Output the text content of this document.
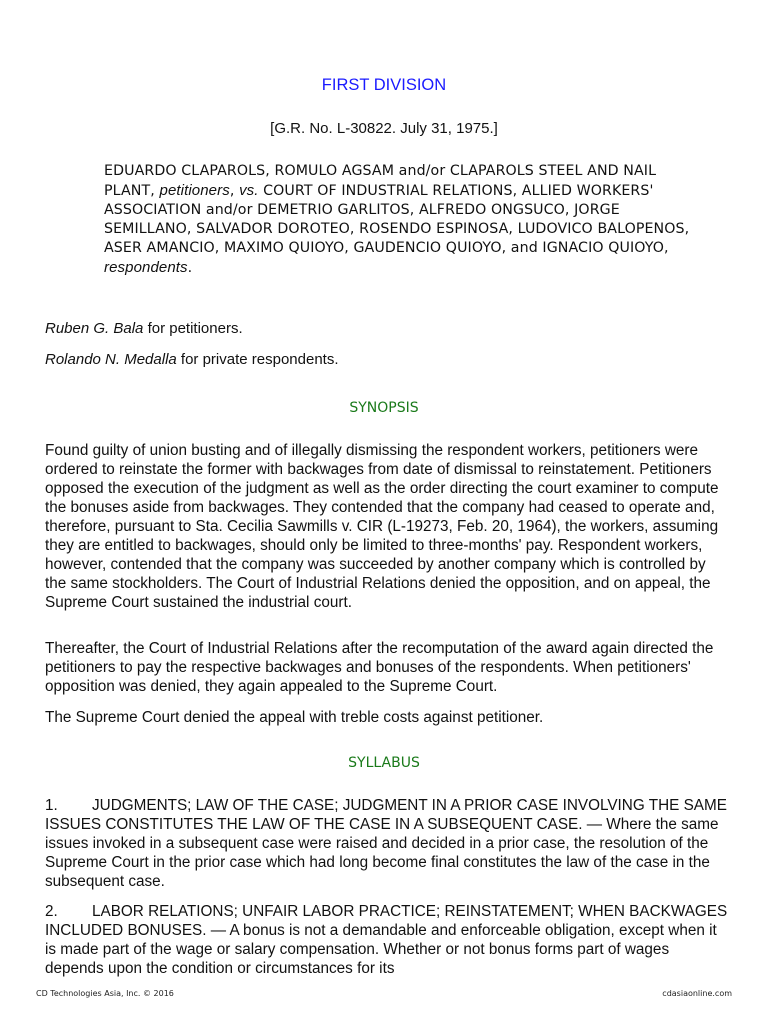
FIRST DIVISION
[G.R. No. L-30822. July 31, 1975.]
EDUARDO CLAPAROLS, ROMULO AGSAM and/or CLAPAROLS STEEL AND NAIL PLANT, petitioners, vs. COURT OF INDUSTRIAL RELATIONS, ALLIED WORKERS' ASSOCIATION and/or DEMETRIO GARLITOS, ALFREDO ONGSUCO, JORGE SEMILLANO, SALVADOR DOROTEO, ROSENDO ESPINOSA, LUDOVICO BALOPENOS, ASER AMANCIO, MAXIMO QUIOYO, GAUDENCIO QUIOYO, and IGNACIO QUIOYO, respondents.
Ruben G. Bala for petitioners.
Rolando N. Medalla for private respondents.
SYNOPSIS
Found guilty of union busting and of illegally dismissing the respondent workers, petitioners were ordered to reinstate the former with backwages from date of dismissal to reinstatement. Petitioners opposed the execution of the judgment as well as the order directing the court examiner to compute the bonuses aside from backwages. They contended that the company had ceased to operate and, therefore, pursuant to Sta. Cecilia Sawmills v. CIR (L-19273, Feb. 20, 1964), the workers, assuming they are entitled to backwages, should only be limited to three-months' pay. Respondent workers, however, contended that the company was succeeded by another company which is controlled by the same stockholders. The Court of Industrial Relations denied the opposition, and on appeal, the Supreme Court sustained the industrial court.
Thereafter, the Court of Industrial Relations after the recomputation of the award again directed the petitioners to pay the respective backwages and bonuses of the respondents. When petitioners' opposition was denied, they again appealed to the Supreme Court.
The Supreme Court denied the appeal with treble costs against petitioner.
SYLLABUS
1. JUDGMENTS; LAW OF THE CASE; JUDGMENT IN A PRIOR CASE INVOLVING THE SAME ISSUES CONSTITUTES THE LAW OF THE CASE IN A SUBSEQUENT CASE. — Where the same issues invoked in a subsequent case were raised and decided in a prior case, the resolution of the Supreme Court in the prior case which had long become final constitutes the law of the case in the subsequent case.
2. LABOR RELATIONS; UNFAIR LABOR PRACTICE; REINSTATEMENT; WHEN BACKWAGES INCLUDED BONUSES. — A bonus is not a demandable and enforceable obligation, except when it is made part of the wage or salary compensation. Whether or not bonus forms part of wages depends upon the condition or circumstances for its
CD Technologies Asia, Inc. © 2016	cdasiaonline.com
